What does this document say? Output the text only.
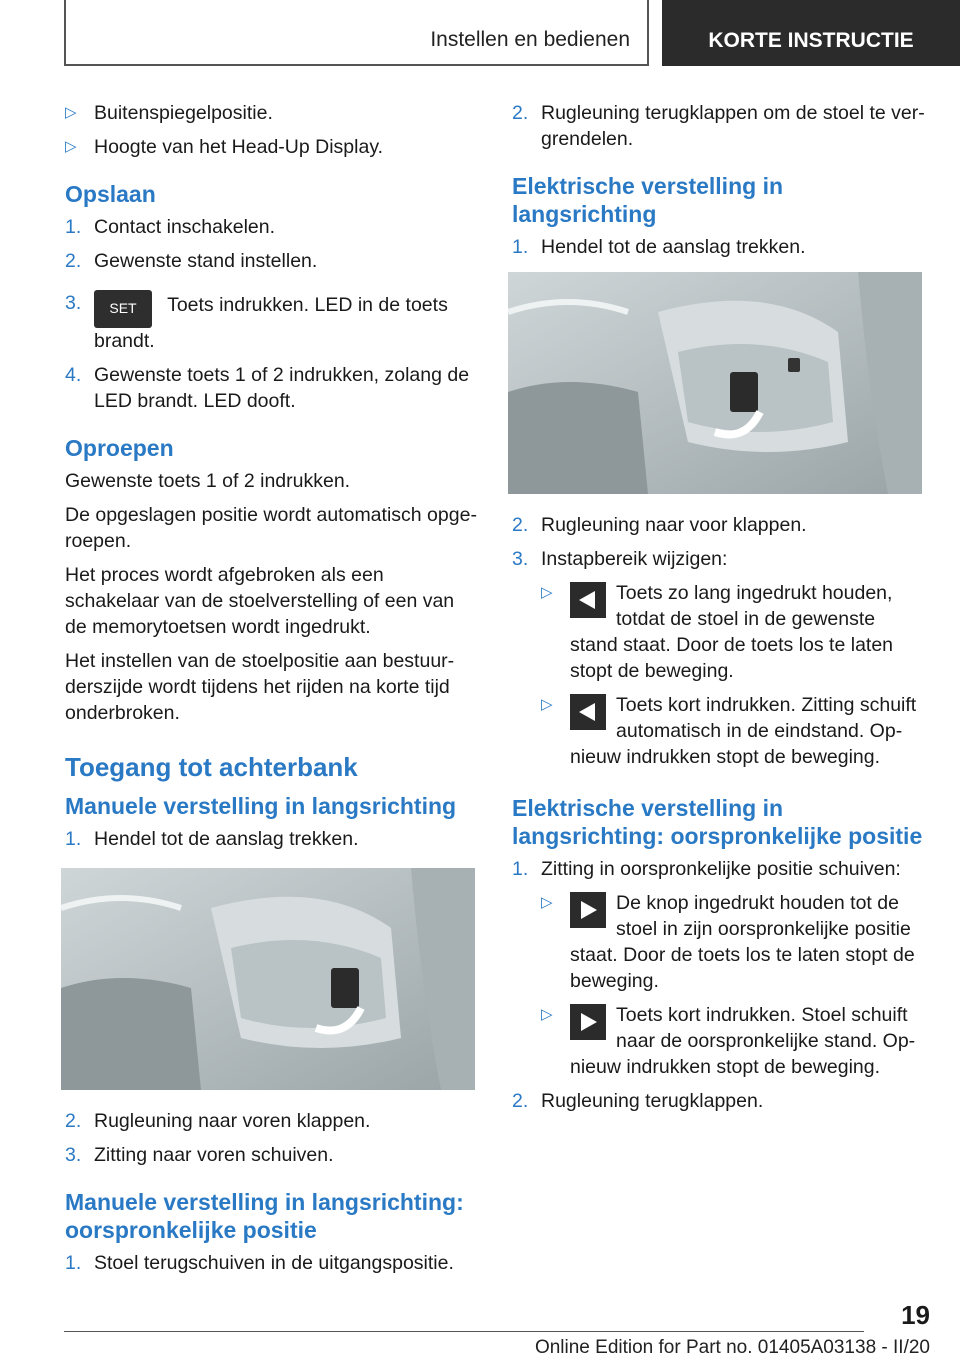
Instellen en bedienen	KORTE INSTRUCTIE
▷ Buitenspiegelpositie.
▷ Hoogte van het Head-Up Display.
Opslaan
1. Contact inschakelen.
2. Gewenste stand instellen.
3. SET Toets indrukken. LED in de toets brandt.
4. Gewenste toets 1 of 2 indrukken, zolang de LED brandt. LED dooft.
Oproepen

Gewenste toets 1 of 2 indrukken.

De opgeslagen positie wordt automatisch opgeroepen.

Het proces wordt afgebroken als een schakelaar van de stoelverstelling of een van de memorytoetsen wordt ingedrukt.

Het instellen van de stoelpositie aan bestuurderszijde wordt tijdens het rijden na korte tijd onderbroken.

Toegang tot achterbank
Manuele verstelling in langsrichting
1. Hendel tot de aanslag trekken.
2. Rugleuning naar voren klappen.
3. Zitting naar voren schuiven.
Manuele verstelling in langsrichting: oorspronkelijke positie
1. Stoel terugschuiven in de uitgangspositie.
2. Rugleuning terugklappen om de stoel te vergrendelen.
Elektrische verstelling in langsrichting
1. Hendel tot de aanslag trekken.
2. Rugleuning naar voor klappen.
3. Instapbereik wijzigen:
▷	Toets zo lang ingedrukt houden, totdat de stoel in de gewenste stand staat. Door de toets los te laten stopt de beweging.
▷	Toets kort indrukken. Zitting schuift automatisch in de eindstand. Opnieuw indrukken stopt de beweging.
Elektrische verstelling in langsrichting: oorspronkelijke positie
1. Zitting in oorspronkelijke positie schuiven:
▷	De knop ingedrukt houden tot de stoel in zijn oorspronkelijke positie staat. Door de toets los te laten stopt de beweging.
▷	Toets kort indrukken. Stoel schuift naar de oorspronkelijke stand. Opnieuw indrukken stopt de beweging.
2. Rugleuning terugklappen.
19
Online Edition for Part no. 01405A03138 - II/20
